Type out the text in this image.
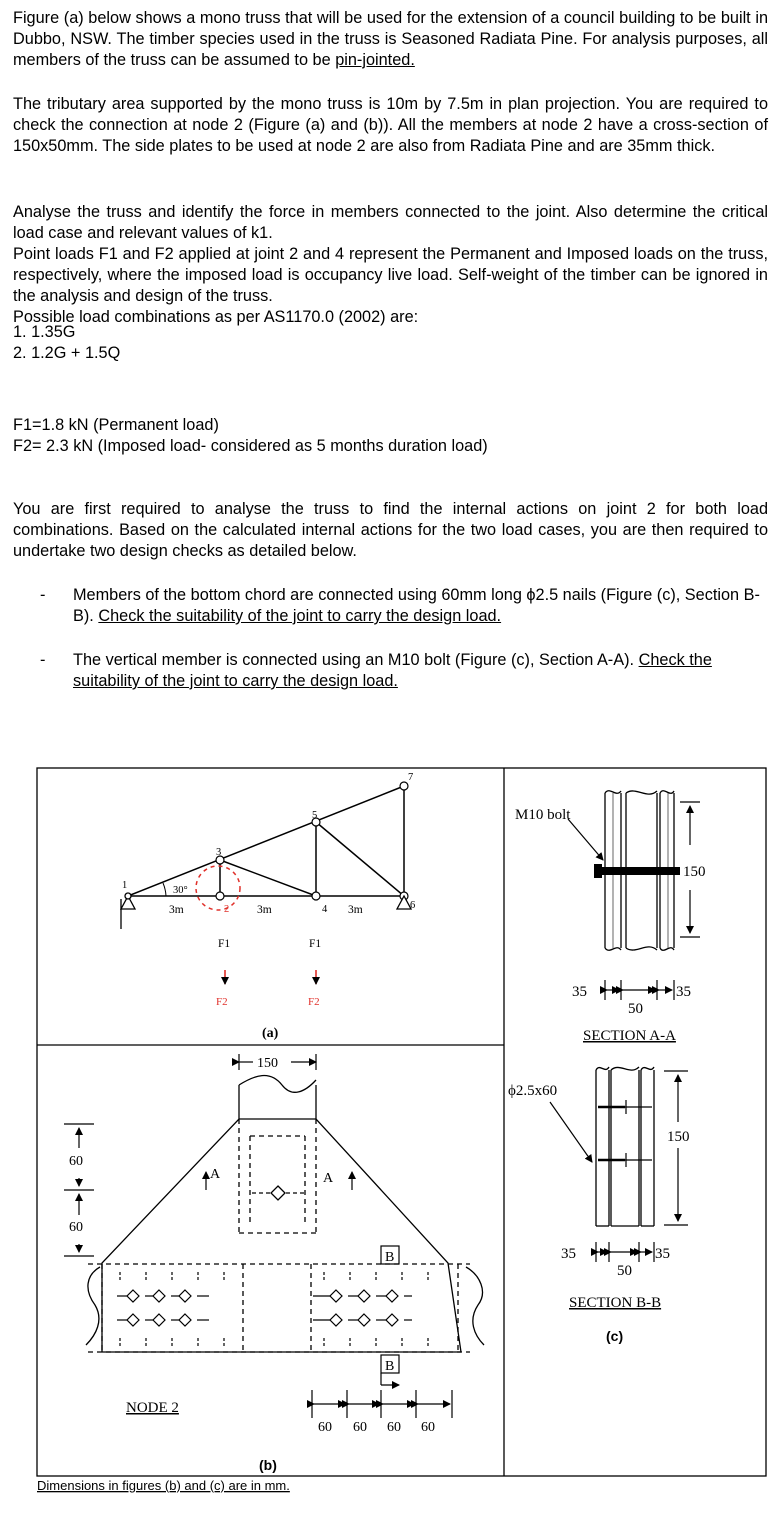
Figure (a) below shows a mono truss that will be used for the extension of a council building to be built in Dubbo, NSW. The timber species used in the truss is Seasoned Radiata Pine. For analysis purposes, all members of the truss can be assumed to be pin-jointed.
The tributary area supported by the mono truss is 10m by 7.5m in plan projection. You are required to check the connection at node 2 (Figure (a) and (b)). All the members at node 2 have a cross-section of 150x50mm. The side plates to be used at node 2 are also from Radiata Pine and are 35mm thick.
Analyse the truss and identify the force in members connected to the joint. Also determine the critical load case and relevant values of k1.
Point loads F1 and F2 applied at joint 2 and 4 represent the Permanent and Imposed loads on the truss, respectively, where the imposed load is occupancy live load. Self-weight of the timber can be ignored in the analysis and design of the truss.
Possible load combinations as per AS1170.0 (2002) are:
1. 1.35G
2. 1.2G + 1.5Q
F1=1.8 kN (Permanent load)
F2= 2.3 kN (Imposed load- considered as 5 months duration load)
You are first required to analyse the truss to find the internal actions on joint 2 for both load combinations. Based on the calculated internal actions for the two load cases, you are then required to undertake two design checks as detailed below.
- Members of the bottom chord are connected using 60mm long ϕ2.5 nails (Figure (c), Section B-B). Check the suitability of the joint to carry the design load.
- The vertical member is connected using an M10 bolt (Figure (c), Section A-A). Check the suitability of the joint to carry the design load.
1
2
3
4
5
6
7
30°
3m	3m	3m
F1	F1
F2	F2
(a)
150
60
60
A	A
B
B
NODE 2
60 60 60 60
(b)
M10 bolt
150
35
50
35
SECTION A-A
ϕ2.5x60
150
35
50
35
SECTION B-B
(c)
Dimensions in figures (b) and (c) are in mm.
